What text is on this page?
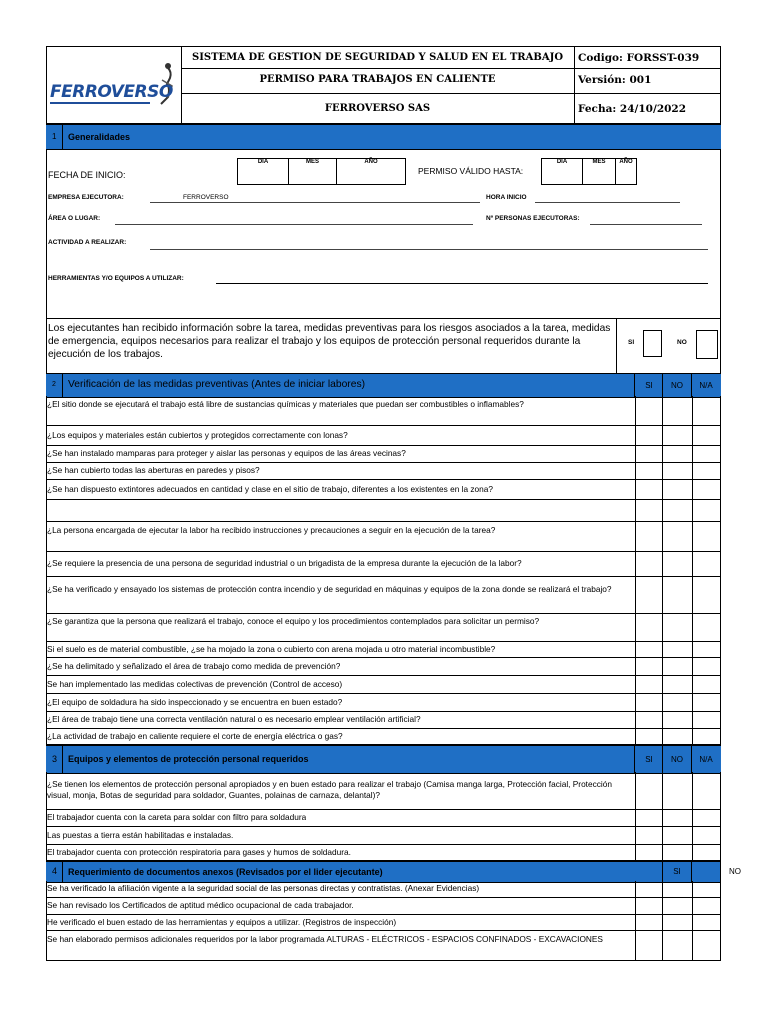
FERROVERSO
SISTEMA DE GESTION DE SEGURIDAD Y SALUD EN EL TRABAJO
PERMISO PARA TRABAJOS EN CALIENTE
FERROVERSO SAS
Codigo: FORSST-039
Versión: 001
Fecha: 24/10/2022
1 Generalidades
FECHA DE INICIO:
DIA	MES	AÑO
PERMISO VÁLIDO HASTA:
DIA	MES	AÑO
EMPRESA EJECUTORA:	FERROVERSO	HORA INICIO
ÁREA O LUGAR:	Nº PERSONAS EJECUTORAS:
ACTIVIDAD A REALIZAR:
HERRAMIENTAS Y/O EQUIPOS A UTILIZAR:
Los ejecutantes han recibido información sobre la tarea, medidas preventivas para los riesgos asociados a la tarea, medidas de emergencia, equipos necesarios para realizar el trabajo y los equipos de protección personal requeridos durante la ejecución de los trabajos.
SI	NO
2 Verificación de las medidas preventivas (Antes de iniciar labores)	SI	NO	N/A
¿El sitio donde se ejecutará el trabajo está libre de sustancias químicas y materiales que puedan ser combustibles o inflamables?
¿Los equipos y materiales están cubiertos y protegidos correctamente con lonas?
¿Se han instalado mamparas para proteger y aislar las personas y equipos de las áreas vecinas?
¿Se han cubierto todas las aberturas en paredes y pisos?
¿Se han dispuesto extintores adecuados en cantidad y clase en el sitio de trabajo, diferentes a los existentes en la zona?
¿La persona encargada de ejecutar la labor ha recibido instrucciones y precauciones a seguir en la ejecución de la tarea?
¿Se requiere la presencia de una persona de seguridad industrial o un brigadista de la empresa durante la ejecución de la labor?
¿Se ha verificado y ensayado los sistemas de protección contra incendio y de seguridad en máquinas y equipos de la zona donde se realizará el trabajo?
¿Se garantiza que la persona que realizará el trabajo, conoce el equipo y los procedimientos contemplados para solicitar un permiso?
Si el suelo es de material combustible, ¿se ha mojado la zona o cubierto con arena mojada u otro material incombustible?
¿Se ha delimitado y señalizado el área de trabajo como medida de prevención?
Se han implementado las medidas colectivas de prevención (Control de acceso)
¿El equipo de soldadura ha sido inspeccionado y se encuentra en buen estado?
¿El área de trabajo tiene una correcta ventilación natural o es necesario emplear ventilación artificial?
¿La actividad de trabajo en caliente requiere el corte de energía eléctrica o gas?
3 Equipos y elementos de protección personal requeridos	SI	NO	N/A
¿Se tienen los elementos de protección personal apropiados y en buen estado para realizar el trabajo (Camisa manga larga, Protección facial, Protección visual, monja, Botas de seguridad para soldador, Guantes, polainas de carnaza, delantal)?
El trabajador cuenta con la careta para soldar con filtro para soldadura
Las puestas a tierra están habilitadas e instaladas.
El trabajador cuenta con protección respiratoria para gases y humos de soldadura.
4 Requerimiento de documentos anexos (Revisados por el lider ejecutante)	SI	NO
Se ha verificado la afiliación vigente a la seguridad social de las personas directas y contratistas. (Anexar Evidencias)
Se han revisado los Certificados de aptitud médico ocupacional de cada trabajador.
He verificado el buen estado de las herramientas y equipos a utilizar. (Registros de inspección)
Se han elaborado permisos adicionales requeridos por la labor programada ALTURAS - ELÉCTRICOS - ESPACIOS CONFINADOS - EXCAVACIONES
